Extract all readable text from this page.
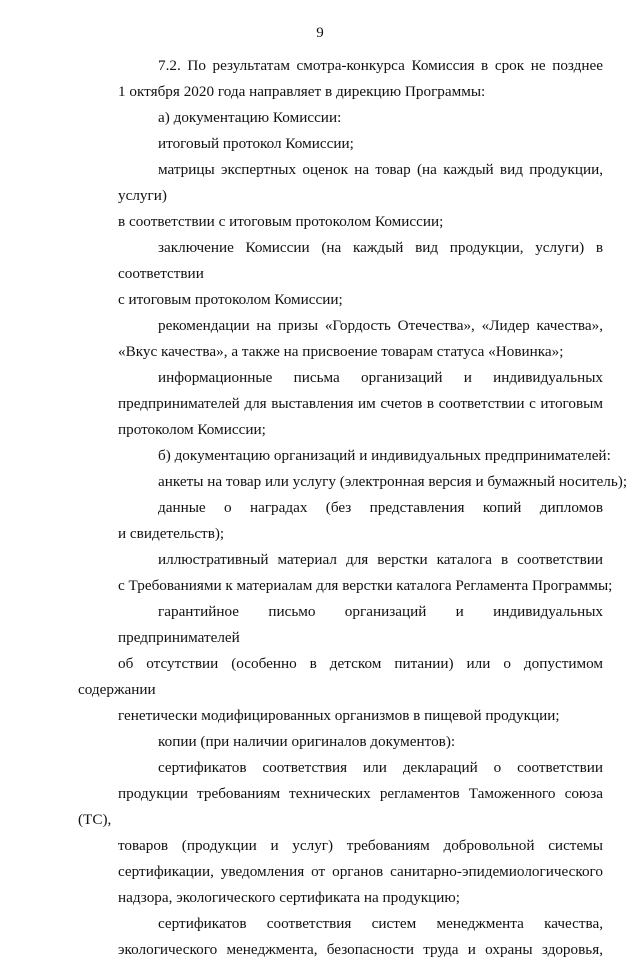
9
7.2. По результатам смотра-конкурса Комиссия в срок не позднее
1 октября 2020 года направляет в дирекцию Программы:
а) документацию Комиссии:
итоговый протокол Комиссии;
матрицы экспертных оценок на товар (на каждый вид продукции, услуги)
в соответствии с итоговым протоколом Комиссии;
заключение Комиссии (на каждый вид продукции, услуги) в соответствии
с итоговым протоколом Комиссии;
рекомендации на призы «Гордость Отечества», «Лидер качества»,
«Вкус качества», а также на присвоение товарам статуса «Новинка»;
информационные письма организаций и индивидуальных
предпринимателей для выставления им счетов в соответствии с итоговым
протоколом Комиссии;
б) документацию организаций и индивидуальных предпринимателей:
анкеты на товар или услугу (электронная версия и бумажный носитель);
данные о наградах (без представления копий дипломов
и свидетельств);
иллюстративный материал для верстки каталога в соответствии
с Требованиями к материалам для верстки каталога Регламента Программы;
гарантийное письмо организаций и индивидуальных предпринимателей
об отсутствии (особенно в детском питании) или о допустимом содержании
генетически модифицированных организмов в пищевой продукции;
копии (при наличии оригиналов документов):
сертификатов соответствия или деклараций о соответствии
продукции требованиям технических регламентов Таможенного союза (ТС),
товаров (продукции и услуг) требованиям добровольной системы
сертификации, уведомления от органов санитарно-эпидемиологического
надзора, экологического сертификата на продукцию;
сертификатов соответствия систем менеджмента качества,
экологического менеджмента, безопасности труда и охраны здоровья,
